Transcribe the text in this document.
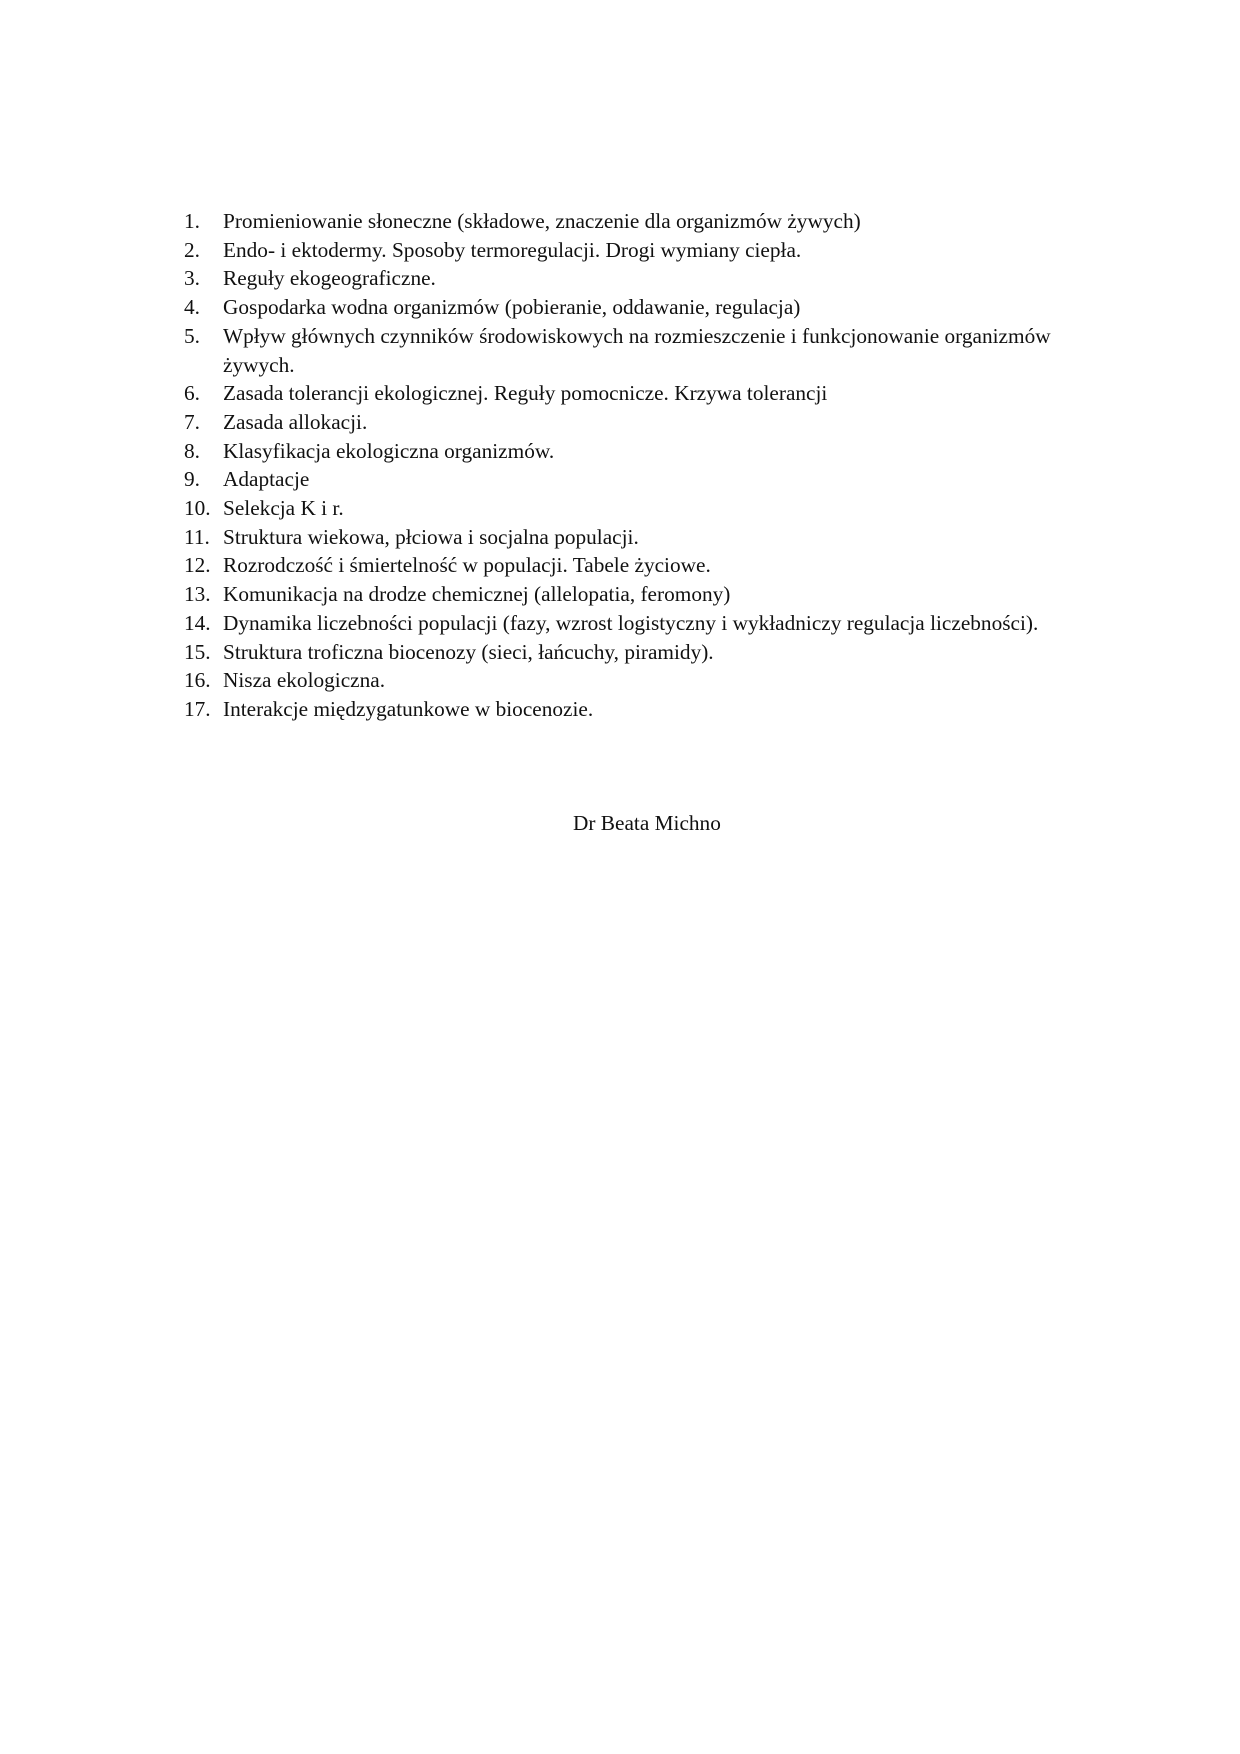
1.	Promieniowanie słoneczne (składowe, znaczenie dla organizmów żywych)
2.	Endo- i ektodermy. Sposoby termoregulacji. Drogi wymiany ciepła.
3.	Reguły ekogeograficzne.
4.	Gospodarka wodna organizmów (pobieranie, oddawanie, regulacja)
5.	Wpływ głównych czynników środowiskowych na rozmieszczenie i funkcjonowanie organizmów żywych.
6.	Zasada tolerancji ekologicznej. Reguły pomocnicze. Krzywa tolerancji
7.	Zasada allokacji.
8.	Klasyfikacja ekologiczna organizmów.
9.	Adaptacje
10. Selekcja K i r.
11. Struktura wiekowa, płciowa i socjalna populacji.
12. Rozrodczość i śmiertelność w populacji. Tabele życiowe.
13. Komunikacja na drodze chemicznej (allelopatia, feromony)
14. Dynamika liczebności populacji (fazy, wzrost logistyczny i wykładniczy regulacja liczebności).
15. Struktura troficzna biocenozy (sieci, łańcuchy, piramidy).
16. Nisza ekologiczna.
17. Interakcje międzygatunkowe w biocenozie.
Dr Beata Michno
